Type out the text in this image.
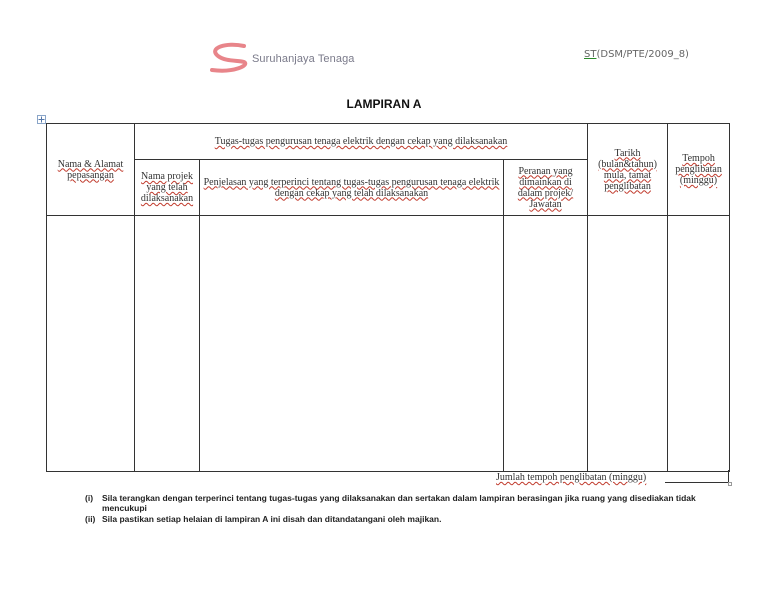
Suruhanjaya Tenaga	ST(DSM/PTE/2009_8)
LAMPIRAN A
Nama & Alamat pepasangan	Tugas-tugas pengurusan tenaga elektrik dengan cekap yang dilaksanakan			Tarikh (bulan&tahun) mula, tamat penglibatan	Tempoh penglibatan (minggu)
	Nama projek yang telah dilaksanakan	Penjelasan yang terperinci tentang tugas-tugas pengurusan tenaga elektrik dengan cekap yang telah dilaksanakan	Peranan yang dimainkan di dalam projek/ Jawatan		

Jumlah tempoh penglibatan (minggu)
(i) Sila terangkan dengan terperinci tentang tugas-tugas yang dilaksanakan dan sertakan dalam lampiran berasingan jika ruang yang disediakan tidak mencukupi
(ii) Sila pastikan setiap helaian di lampiran A ini disah dan ditandatangani oleh majikan.
